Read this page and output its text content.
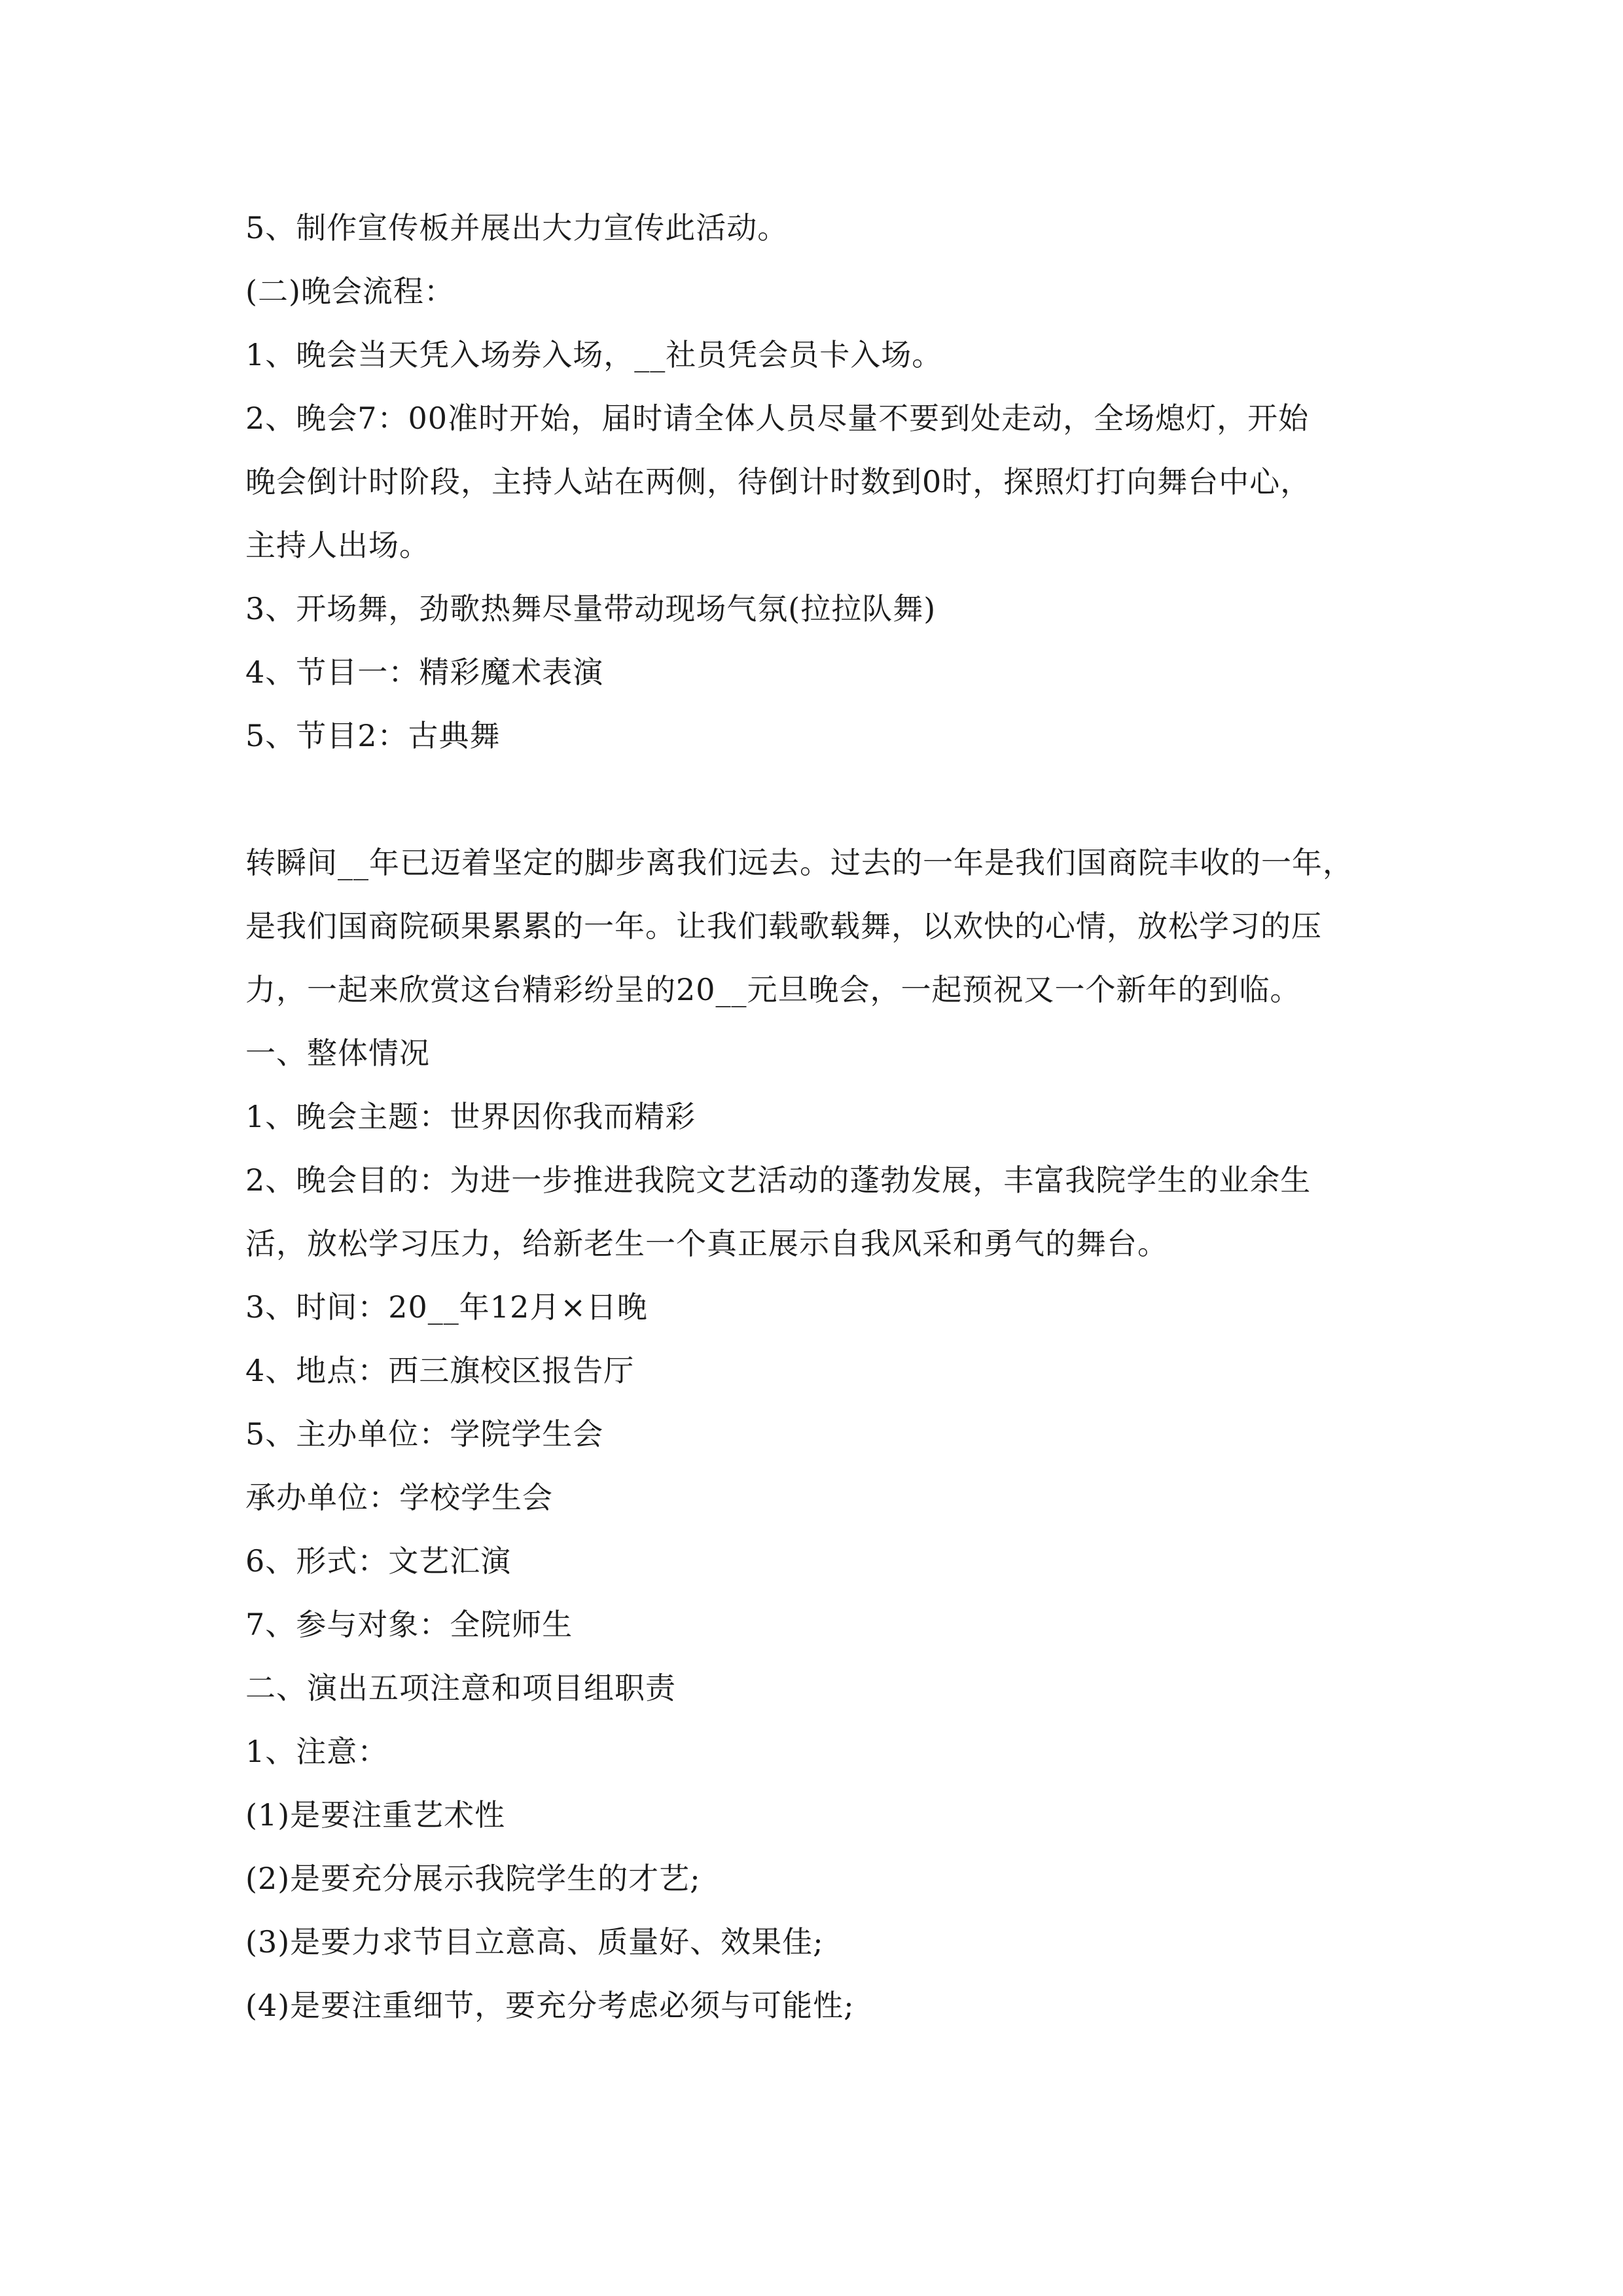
5、制作宣传板并展出大力宣传此活动。
(二)晚会流程：
1、晚会当天凭入场券入场，__社员凭会员卡入场。
2、晚会7：00准时开始，届时请全体人员尽量不要到处走动，全场熄灯，开始
晚会倒计时阶段，主持人站在两侧，待倒计时数到0时，探照灯打向舞台中心，
主持人出场。
3、开场舞，劲歌热舞尽量带动现场气氛(拉拉队舞)
4、节目一：精彩魔术表演
5、节目2：古典舞
转瞬间__年已迈着坚定的脚步离我们远去。过去的一年是我们国商院丰收的一年，
是我们国商院硕果累累的一年。让我们载歌载舞，以欢快的心情，放松学习的压
力，一起来欣赏这台精彩纷呈的20__元旦晚会，一起预祝又一个新年的到临。
一、整体情况
1、晚会主题：世界因你我而精彩
2、晚会目的：为进一步推进我院文艺活动的蓬勃发展，丰富我院学生的业余生
活，放松学习压力，给新老生一个真正展示自我风采和勇气的舞台。
3、时间：20__年12月×日晚
4、地点：西三旗校区报告厅
5、主办单位：学院学生会
承办单位：学校学生会
6、形式：文艺汇演
7、参与对象：全院师生
二、演出五项注意和项目组职责
1、注意：
(1)是要注重艺术性
(2)是要充分展示我院学生的才艺;
(3)是要力求节目立意高、质量好、效果佳;
(4)是要注重细节，要充分考虑必须与可能性;
